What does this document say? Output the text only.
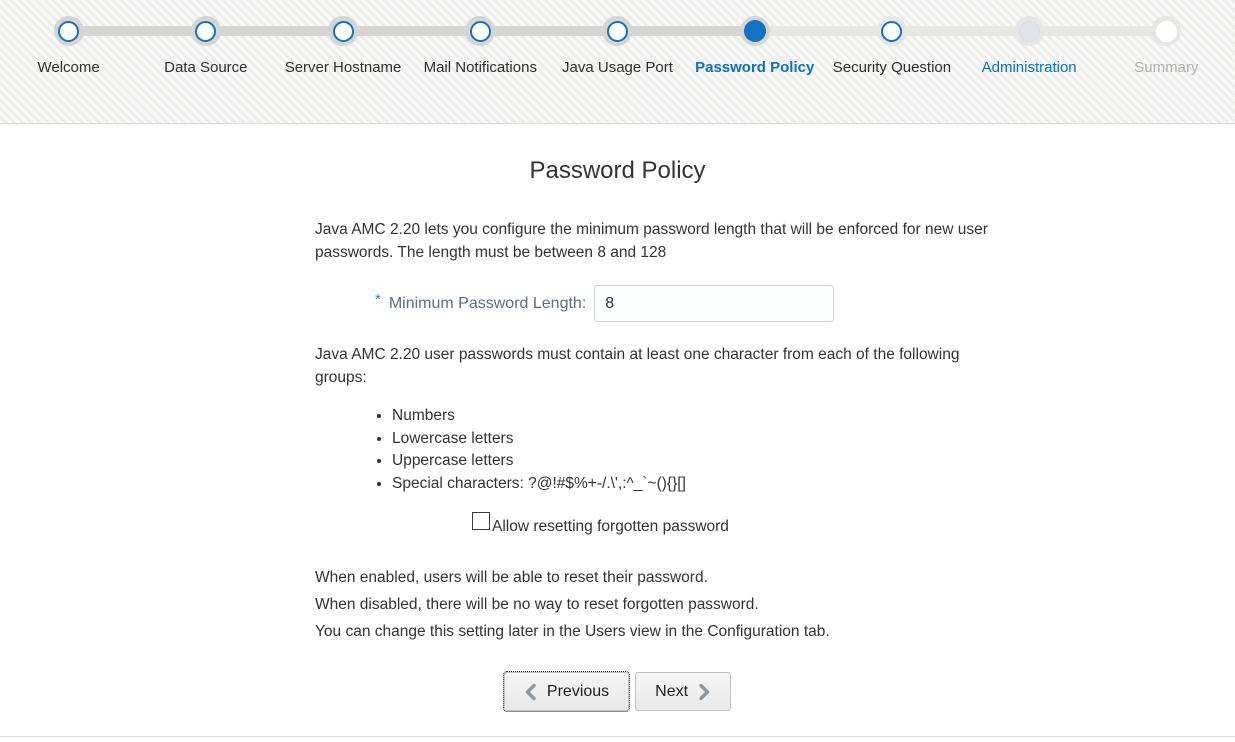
Welcome	Data Source Server Hostname Mail Notifications Java Usage Port Password Policy Security Question Administration	Summary
Password Policy

Java AMC 2.20 lets you configure the minimum password length that will be enforced for new user passwords. The length must be between 8 and 128

* Minimum Password Length:
8

Java AMC 2.20 user passwords must contain at least one character from each of the following groups:

• Numbers
• Lowercase letters
• Uppercase letters
• Special characters: ?@!#$%+-/.\',:^_`~(){}[]
Allow resetting forgotten password
When enabled, users will be able to reset their password.
When disabled, there will be no way to reset forgotten password.
You can change this setting later in the Users view in the Configuration tab.
Previous	Next
